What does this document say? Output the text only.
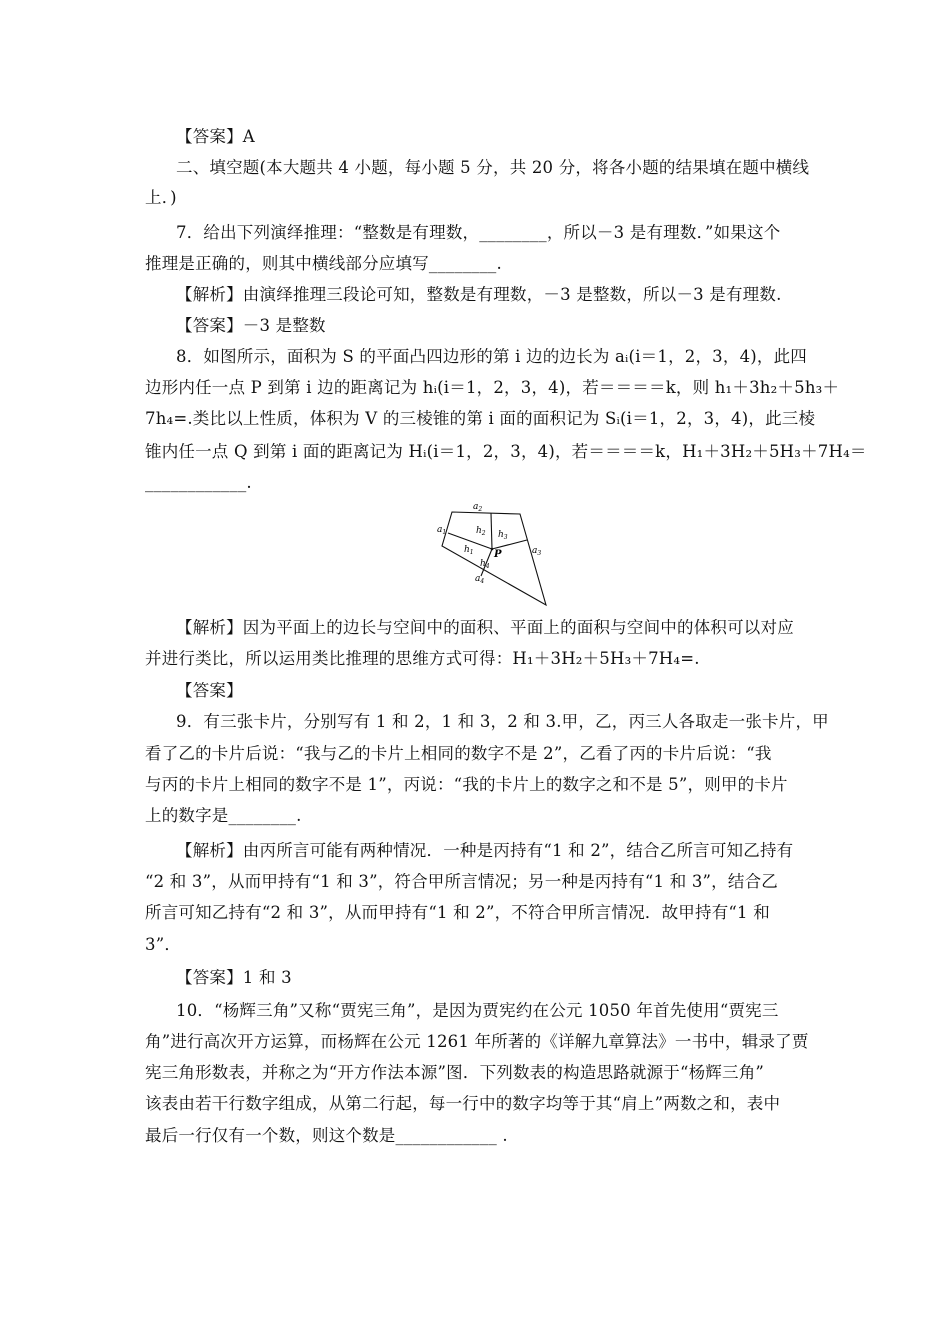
【答案】A
二、填空题(本大题共 4 小题，每小题 5 分，共 20 分，将各小题的结果填在题中横线
上．)
7．给出下列演绎推理：“整数是有理数，________，所以－3 是有理数．”如果这个
推理是正确的，则其中横线部分应填写________.
【解析】由演绎推理三段论可知，整数是有理数，－3 是整数，所以－3 是有理数.
【答案】－3 是整数
8．如图所示，面积为 S 的平面凸四边形的第 i 边的边长为 aᵢ(i＝1，2，3，4)，此四
边形内任一点 P 到第 i 边的距离记为 hᵢ(i＝1，2，3，4)，若＝＝＝＝k，则 h₁＋3h₂＋5h₃＋
7h₄=.类比以上性质，体积为 V 的三棱锥的第 i 面的面积记为 Sᵢ(i＝1，2，3，4)，此三棱
锥内任一点 Q 到第 i 面的距离记为 Hᵢ(i＝1，2，3，4)，若＝＝＝＝k，H₁＋3H₂＋5H₃＋7H₄＝
____________.
$a_2$
$a_1$
$a_3$
$a_4$
$h_2$
$h_1$
$h_3$
$h_4$
P
【解析】因为平面上的边长与空间中的面积、平面上的面积与空间中的体积可以对应
并进行类比，所以运用类比推理的思维方式可得：H₁＋3H₂＋5H₃＋7H₄=.
【答案】
9．有三张卡片，分别写有 1 和 2，1 和 3，2 和 3.甲，乙，丙三人各取走一张卡片，甲
看了乙的卡片后说：“我与乙的卡片上相同的数字不是 2”，乙看了丙的卡片后说：“我
与丙的卡片上相同的数字不是 1”，丙说：“我的卡片上的数字之和不是 5”，则甲的卡片
上的数字是________.
【解析】由丙所言可能有两种情况．一种是丙持有“1 和 2”，结合乙所言可知乙持有
“2 和 3”，从而甲持有“1 和 3”，符合甲所言情况；另一种是丙持有“1 和 3”，结合乙
所言可知乙持有“2 和 3”，从而甲持有“1 和 2”，不符合甲所言情况．故甲持有“1 和
3”．
【答案】1 和 3
10．“杨辉三角”又称“贾宪三角”，是因为贾宪约在公元 1050 年首先使用“贾宪三
角”进行高次开方运算，而杨辉在公元 1261 年所著的《详解九章算法》一书中，辑录了贾
宪三角形数表，并称之为“开方作法本源”图．下列数表的构造思路就源于“杨辉三角”
该表由若干行数字组成，从第二行起，每一行中的数字均等于其“肩上”两数之和，表中
最后一行仅有一个数，则这个数是____________ .
